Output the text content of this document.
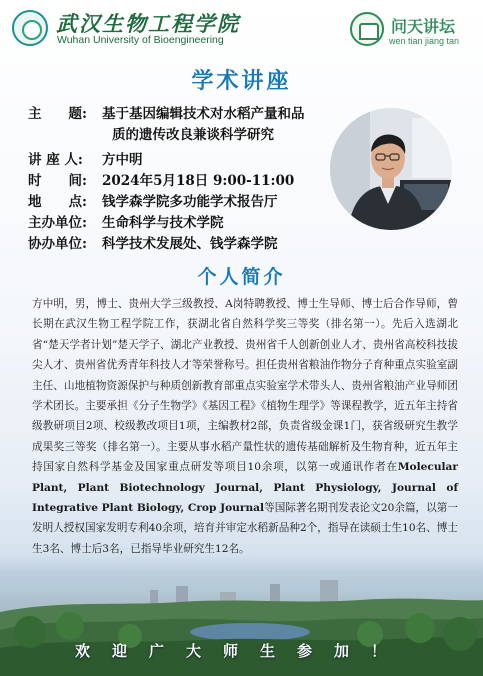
武汉生物工程学院
Wuhan University of Bioengineering
问天讲坛
wen tian jiang tan
学术讲座
主　　题: 基于基因编辑技术对水稻产量和品
质的遗传改良兼谈科学研究
讲 座 人: 方中明
时　　间: 2024年5月18日 9:00-11:00
地　　点: 钱学森学院多功能学术报告厅
主办单位: 生命科学与技术学院
协办单位: 科学技术发展处、钱学森学院
个人简介
方中明，男，博士、贵州大学三级教授、A岗特聘教授、博士生导师、博士后合作导师，曾长期在武汉生物工程学院工作，获湖北省自然科学奖三等奖（排名第一）。先后入选湖北省“楚天学者计划”楚天学子、湖北产业教授、贵州省千人创新创业人才、贵州省高校科技拔尖人才、贵州省优秀青年科技人才等荣誉称号。担任贵州省粮油作物分子育种重点实验室副主任、山地植物资源保护与种质创新教育部重点实验室学术带头人、贵州省粮油产业导师团学术团长。主要承担《分子生物学》《基因工程》《植物生理学》等课程教学，近五年主持省级教研项目2项、校级教改项目1项，主编教材2部，负责省级金课1门，获省级研究生教学成果奖三等奖（排名第一）。主要从事水稻产量性状的遗传基础解析及生物育种，近五年主持国家自然科学基金及国家重点研发等项目10余项，以第一或通讯作者在Molecular Plant, Plant Biotechnology Journal, Plant Physiology, Journal of Integrative Plant Biology, Crop Journal等国际著名期刊发表论文20余篇，以第一发明人授权国家发明专利40余项，培育并审定水稻新品种2个，指导在读硕士生10名、博士生3名、博士后3名，已指导毕业研究生12名。
欢迎广大师生参加！
